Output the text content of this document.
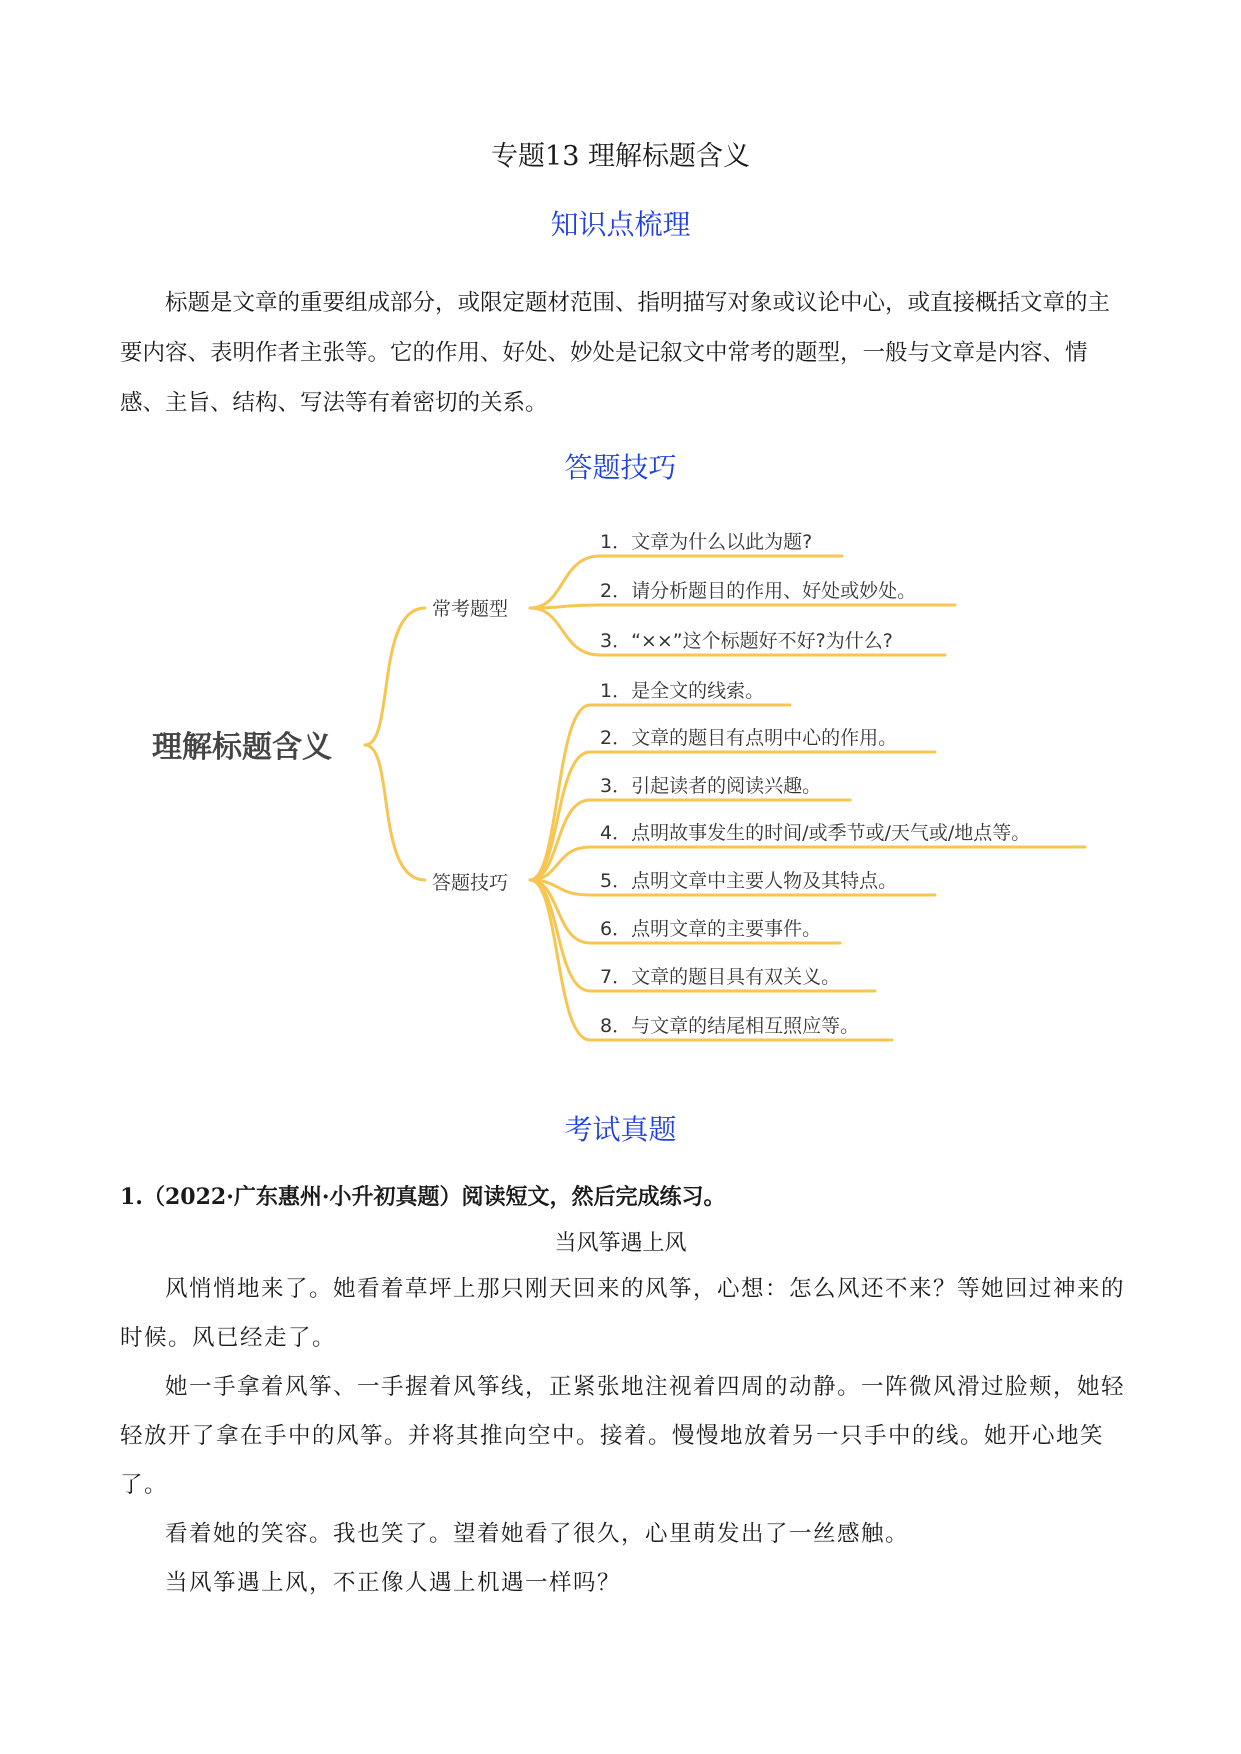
专题13 理解标题含义
知识点梳理
标题是文章的重要组成部分，或限定题材范围、指明描写对象或议论中心，或直接概括文章的主要内容、表明作者主张等。它的作用、好处、妙处是记叙文中常考的题型，一般与文章是内容、情感、主旨、结构、写法等有着密切的关系。
答题技巧
理解标题含义
常考题型
答题技巧
1．文章为什么以此为题?
2．请分析题目的作用、好处或妙处。
3．“××”这个标题好不好?为什么?
1．是全文的线索。
2．文章的题目有点明中心的作用。
3．引起读者的阅读兴趣。
4．点明故事发生的时间/或季节或/天气或/地点等。
5．点明文章中主要人物及其特点。
6．点明文章的主要事件。
7．文章的题目具有双关义。
8．与文章的结尾相互照应等。
考试真题
1.（2022·广东惠州·小升初真题）阅读短文，然后完成练习。
当风筝遇上风
风悄悄地来了。她看着草坪上那只刚天回来的风筝，心想：怎么风还不来？等她回过神来的时候。风已经走了。
她一手拿着风筝、一手握着风筝线，正紧张地注视着四周的动静。一阵微风滑过脸颊，她轻轻放开了拿在手中的风筝。并将其推向空中。接着。慢慢地放着另一只手中的线。她开心地笑了。
看着她的笑容。我也笑了。望着她看了很久，心里萌发出了一丝感触。
当风筝遇上风，不正像人遇上机遇一样吗？
